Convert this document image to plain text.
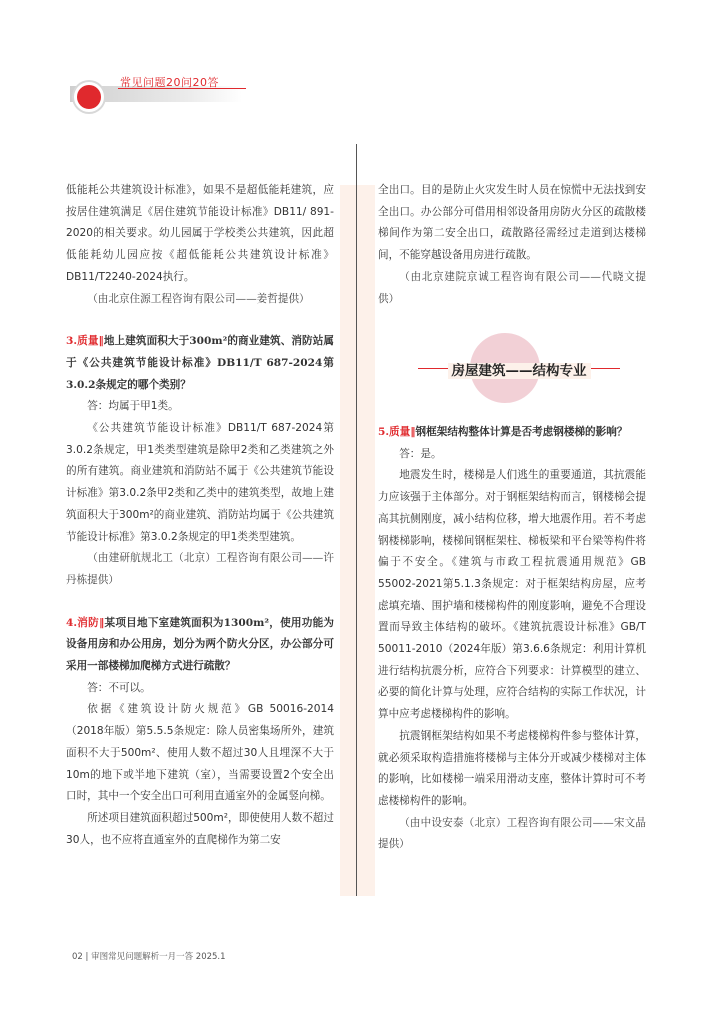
常见问题20问20答

低能耗公共建筑设计标准》，如果不是超低能耗建筑，应按居住建筑满足《居住建筑节能设计标准》DB11/ 891-2020的相关要求。幼儿园属于学校类公共建筑，因此超低能耗幼儿园应按《超低能耗公共建筑设计标准》DB11/T2240-2024执行。

（由北京住源工程咨询有限公司——姜哲提供）

3.质量‖地上建筑面积大于300m²的商业建筑、消防站属于《公共建筑节能设计标准》DB11/T 687-2024第3.0.2条规定的哪个类别？

答：均属于甲1类。

《公共建筑节能设计标准》DB11/T 687-2024第3.0.2条规定，甲1类类型建筑是除甲2类和乙类建筑之外的所有建筑。商业建筑和消防站不属于《公共建筑节能设计标准》第3.0.2条甲2类和乙类中的建筑类型，故地上建筑面积大于300m²的商业建筑、消防站均属于《公共建筑节能设计标准》第3.0.2条规定的甲1类类型建筑。

（由建研航规北工（北京）工程咨询有限公司——许丹栋提供）

4.消防‖某项目地下室建筑面积为1300m²，使用功能为设备用房和办公用房，划分为两个防火分区，办公部分可采用一部楼梯加爬梯方式进行疏散？

答：不可以。

依据《建筑设计防火规范》GB 50016-2014（2018年版）第5.5.5条规定：除人员密集场所外，建筑面积不大于500m²、使用人数不超过30人且埋深不大于10m的地下或半地下建筑（室），当需要设置2个安全出口时，其中一个安全出口可利用直通室外的金属竖向梯。

所述项目建筑面积超过500m²，即使使用人数不超过30人，也不应将直通室外的直爬梯作为第二安

全出口。目的是防止火灾发生时人员在惊慌中无法找到安全出口。办公部分可借用相邻设备用房防火分区的疏散楼梯间作为第二安全出口，疏散路径需经过走道到达楼梯间，不能穿越设备用房进行疏散。

（由北京建院京诚工程咨询有限公司——代晓文提供）

房屋建筑——结构专业

5.质量‖钢框架结构整体计算是否考虑钢楼梯的影响？

答：是。

地震发生时，楼梯是人们逃生的重要通道，其抗震能力应该强于主体部分。对于钢框架结构而言，钢楼梯会提高其抗侧刚度，减小结构位移，增大地震作用。若不考虑钢楼梯影响，楼梯间钢框架柱、梯板梁和平台梁等构件将偏于不安全。《建筑与市政工程抗震通用规范》GB 55002-2021第5.1.3条规定：对于框架结构房屋，应考虑填充墙、围护墙和楼梯构件的刚度影响，避免不合理设置而导致主体结构的破坏。《建筑抗震设计标准》GB/T 50011-2010（2024年版）第3.6.6条规定：利用计算机进行结构抗震分析，应符合下列要求：计算模型的建立、必要的简化计算与处理，应符合结构的实际工作状况，计算中应考虑楼梯构件的影响。

抗震钢框架结构如果不考虑楼梯构件参与整体计算，就必须采取构造措施将楼梯与主体分开或减少楼梯对主体的影响，比如楼梯一端采用滑动支座，整体计算时可不考虑楼梯构件的影响。

（由中设安泰（北京）工程咨询有限公司——宋文晶提供）

02 | 审图常见问题解析一月一答 2025.1
